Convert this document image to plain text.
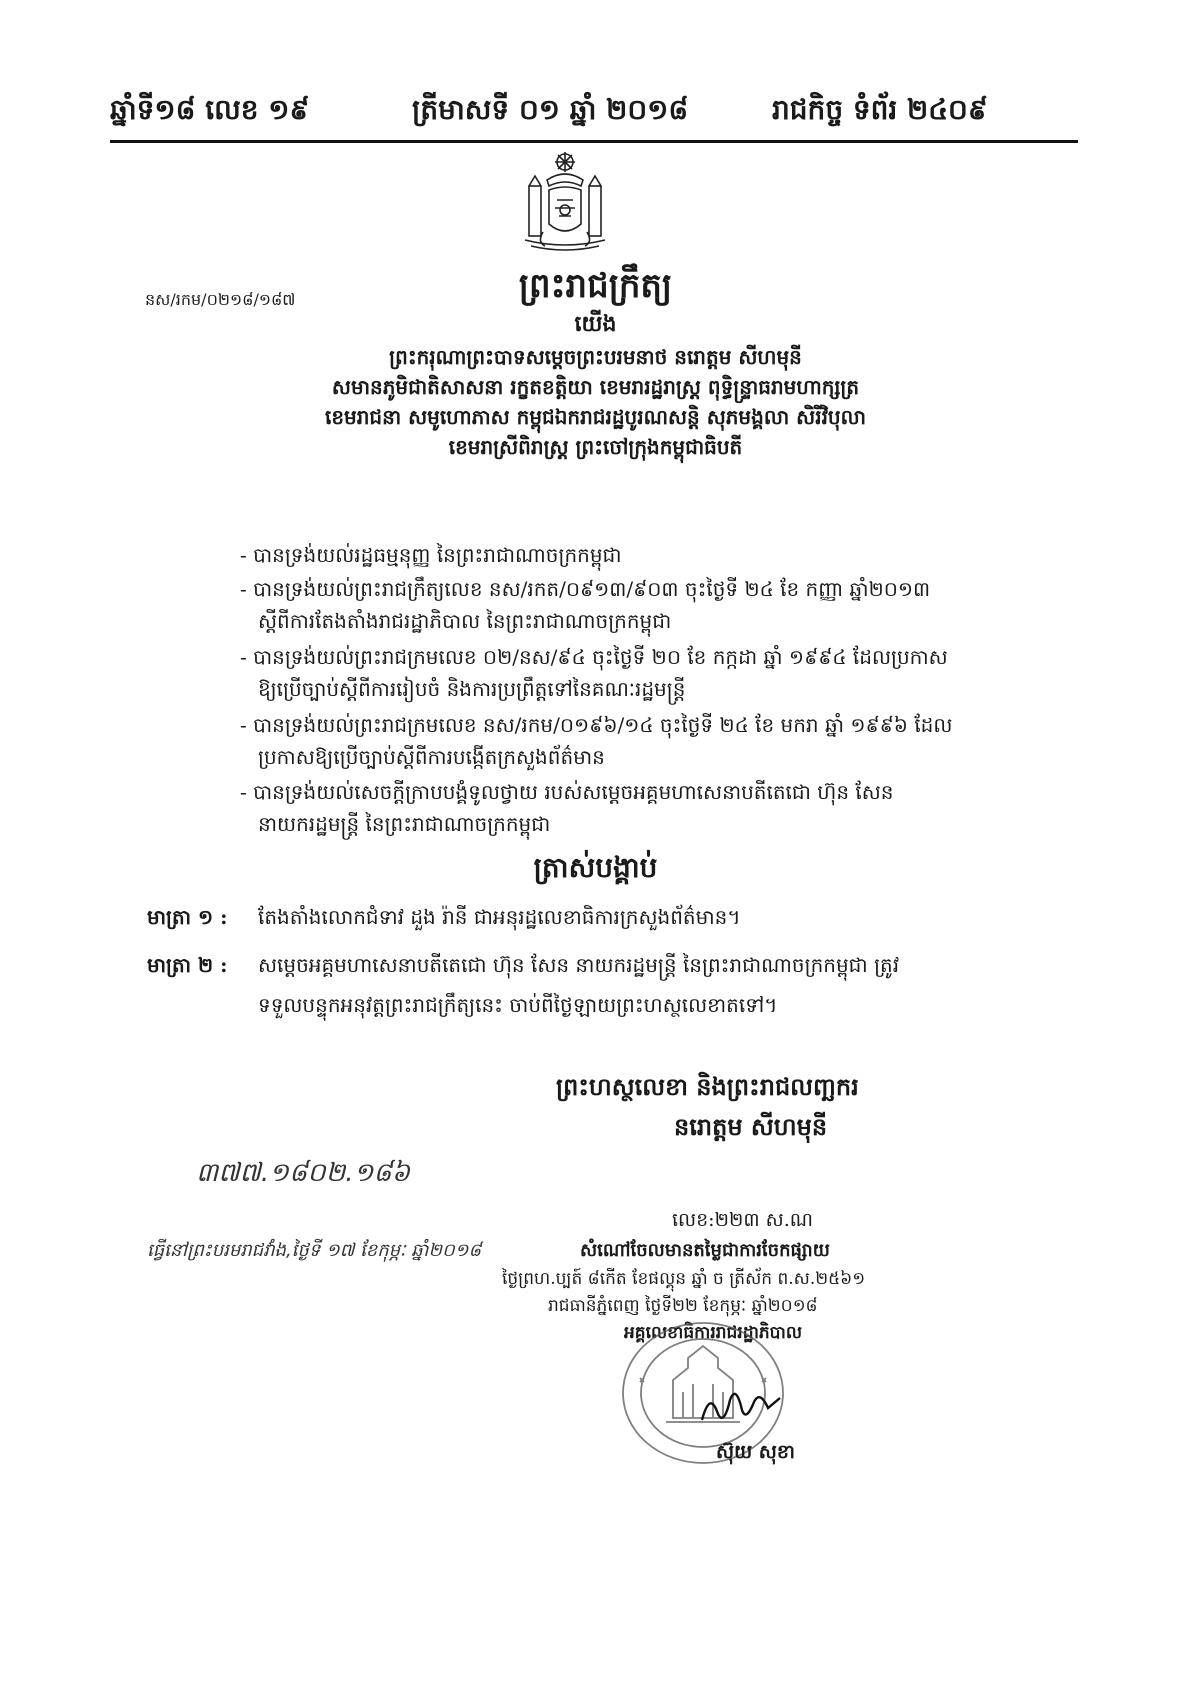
ឆ្នាំទី១៨ លេខ ១៩	ត្រីមាសទី ០១ ឆ្នាំ ២០១៨	រាជកិច្ច ទំព័រ ២៤០៩
នស/រកម/០២១៨/១៨៧	ព្រះរាជក្រឹត្យ
យើង
ព្រះករុណាព្រះបាទសម្តេចព្រះបរមនាថ នរោត្តម សីហមុនី
សមានភូមិជាតិសាសនា រក្ខតខត្តិយា ខេមរារដ្ឋរាស្ត្រ ពុទ្ធិន្ទ្រាធរាមហាក្សត្រ
ខេមរាជនា សមូហោភាស កម្ពុជឯករាជរដ្ឋបូរណសន្តិ សុភមង្គលា សិរីវិបុលា
ខេមរាស្រីពិរាស្ត្រ ព្រះចៅក្រុងកម្ពុជាធិបតី
- បានទ្រង់យល់រដ្ឋធម្មនុញ្ញ នៃព្រះរាជាណាចក្រកម្ពុជា
- បានទ្រង់យល់ព្រះរាជក្រឹត្យលេខ នស/រកត/០៩១៣/៩០៣ ចុះថ្ងៃទី ២៤ ខែ កញ្ញា ឆ្នាំ២០១៣
ស្តីពីការតែងតាំងរាជរដ្ឋាភិបាល នៃព្រះរាជាណាចក្រកម្ពុជា
- បានទ្រង់យល់ព្រះរាជក្រមលេខ ០២/នស/៩៤ ចុះថ្ងៃទី ២០ ខែ កក្កដា ឆ្នាំ ១៩៩៤ ដែលប្រកាស
ឱ្យប្រើច្បាប់ស្តីពីការរៀបចំ និងការប្រព្រឹត្តទៅនៃគណៈរដ្ឋមន្ត្រី
- បានទ្រង់យល់ព្រះរាជក្រមលេខ នស/រកម/០១៩៦/១៤ ចុះថ្ងៃទី ២៤ ខែ មករា ឆ្នាំ ១៩៩៦ ដែល
ប្រកាសឱ្យប្រើច្បាប់ស្តីពីការបង្កើតក្រសួងព័ត៌មាន
- បានទ្រង់យល់សេចក្តីក្រាបបង្គំទូលថ្វាយ របស់សម្តេចអគ្គមហាសេនាបតីតេជោ ហ៊ុន សែន
នាយករដ្ឋមន្ត្រី នៃព្រះរាជាណាចក្រកម្ពុជា
ត្រាស់បង្គាប់
មាត្រា ១ : តែងតាំងលោកជំទាវ ដួង រ៉ានី ជាអនុរដ្ឋលេខាធិការក្រសួងព័ត៌មាន។
មាត្រា ២ : សម្តេចអគ្គមហាសេនាបតីតេជោ ហ៊ុន សែន នាយករដ្ឋមន្ត្រី នៃព្រះរាជាណាចក្រកម្ពុជា ត្រូវ
ទទួលបន្ទុកអនុវត្តព្រះរាជក្រឹត្យនេះ ចាប់ពីថ្ងៃឡាយព្រះហស្ថលេខាតទៅ។
ព្រះហស្ថលេខា និងព្រះរាជលញ្ឆករ
នរោត្តម សីហមុនី
៣៧៧.១៨០២.១៨៦
លេខ:២២៣ ស.ណ
ធ្វើនៅព្រះបរមរាជវាំង,ថ្ងៃទី ១៧ ខែកុម្ភៈ ឆ្នាំ២០១៨	សំណៅចែលមានតម្លៃជាការចែកផ្សាយ
ថ្ងៃព្រហ.ប្បត៍ ៨កើត ខែផល្គុន ឆ្នាំ ច ត្រីស័ក ព.ស.២៥៦១
រាជធានីភ្នំពេញ ថ្ងៃទី២២ ខែកុម្ភៈ ឆ្នាំ២០១៨
អគ្គលេខាធិការរាជរដ្ឋាភិបាល
ស៊ុយ សុខា
